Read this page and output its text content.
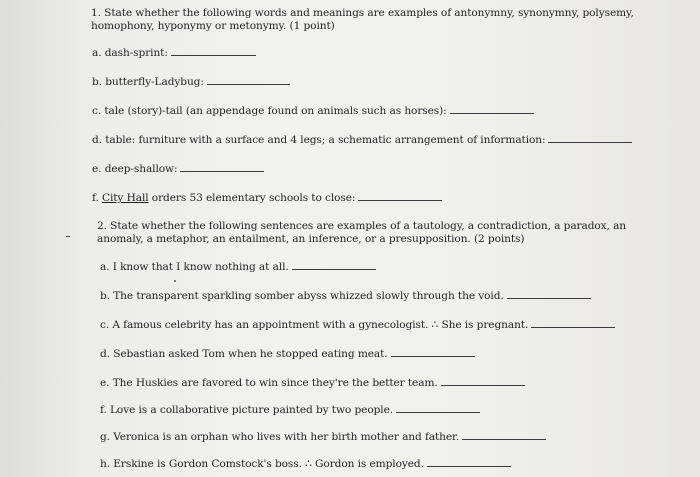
1. State whether the following words and meanings are examples of antonymny, synonymny, polysemy,
homophony, hyponymy or metonymy. (1 point)
a. dash-sprint:
b. butterfly-Ladybug:
c. tale (story)-tail (an appendage found on animals such as horses):
d. table: furniture with a surface and 4 legs; a schematic arrangement of information:
e. deep-shallow:
f. City Hall orders 53 elementary schools to close:
2. State whether the following sentences are examples of a tautology, a contradiction, a paradox, an
anomaly, a metaphor, an entailment, an inference, or a presupposition. (2 points)
a. I know that I know nothing at all.
b. The transparent sparkling somber abyss whizzed slowly through the void.
c. A famous celebrity has an appointment with a gynecologist. ∴ She is pregnant.
d. Sebastian asked Tom when he stopped eating meat.
e. The Huskies are favored to win since they're the better team.
f. Love is a collaborative picture painted by two people.
g. Veronica is an orphan who lives with her birth mother and father.
h. Erskine is Gordon Comstock's boss. ∴ Gordon is employed.
